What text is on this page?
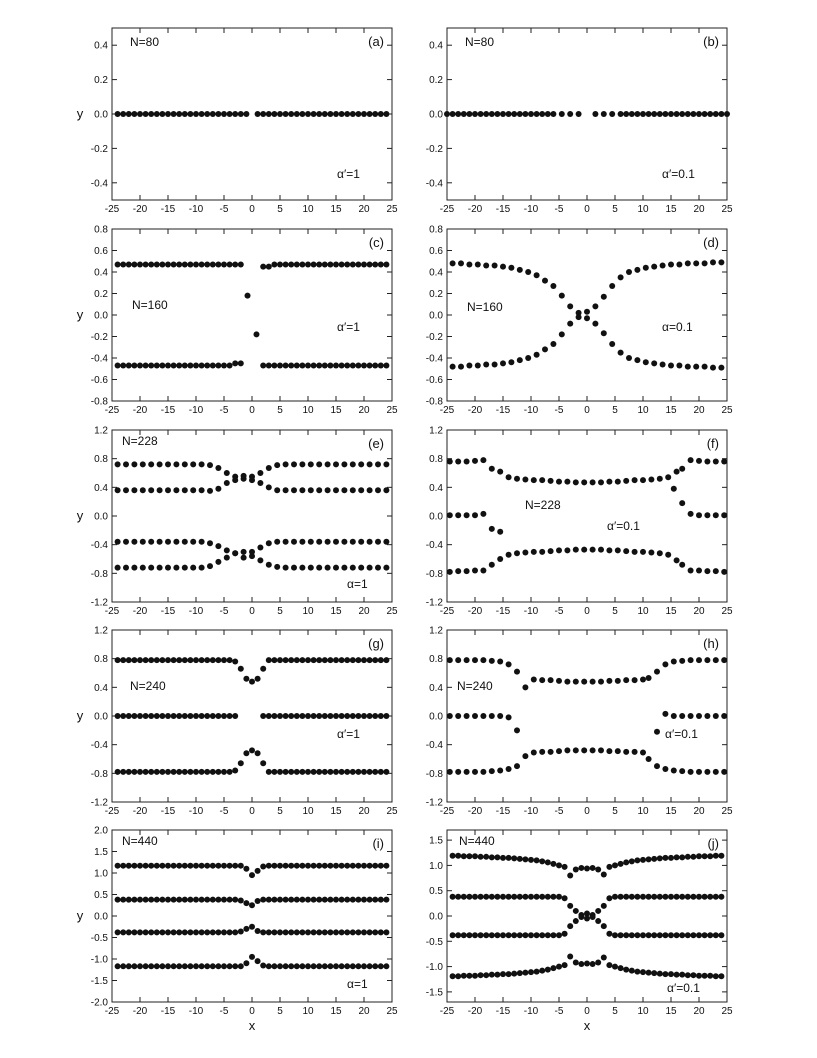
-25 -20 -15 -10 -5 0 5 10 15 20 25
-0.4
-0.2
0.0
0.2
0.4
y
(a)
N=80
α′=1
-25 -20 -15 -10 -5 0 5 10 15 20 25
-0.4
-0.2
0.0
0.2
0.4	(b)
N=80
α′=0.1
-25 -20 -15 -10 -5 0 5 10 15 20 25
-0.8
-0.6
-0.4
-0.2
0.0
0.2
0.4
0.6
0.8
y
(c)
N=160
α′=1
-25 -20 -15 -10 -5 0 5 10 15 20 25
-0.8
-0.6
-0.4
-0.2
0.0
0.2
0.4
0.6
0.8
(d)
N=160
α=0.1
-25 -20 -15 -10 -5 0 5 10 15 20 25
-1.2
-0.8
-0.4
0.0
0.4
0.8
1.2
y
(e)
N=228
α=1
-25 -20 -15 -10 -5 0 5 10 15 20 25
-1.2
-0.8
-0.4
0.0
0.4
0.8
1.2
(f)
N=228
α′=0.1
-25 -20 -15 -10 -5 0 5 10 15 20 25
-1.2
-0.8
-0.4
0.0
0.4
0.8
1.2
y
(g)
N=240
α′=1
-25 -20 -15 -10 -5 0 5 10 15 20 25
-1.2
-0.8
-0.4
0.0
0.4
0.8
1.2
(h)
N=240
α′=0.1
-25 -20 -15 -10 -5 0 5 10 15 20 25
-2.0
-1.5
-1.0
-0.5
0.0
0.5
1.0
1.5
2.0
y
x
(i)
N=440
α=1
-25 -20 -15 -10 -5 0 5 10 15 20 25
-1.5
-1.0
-0.5
0.0
0.5
1.0
1.5
x
(j)
N=440
α′=0.1
